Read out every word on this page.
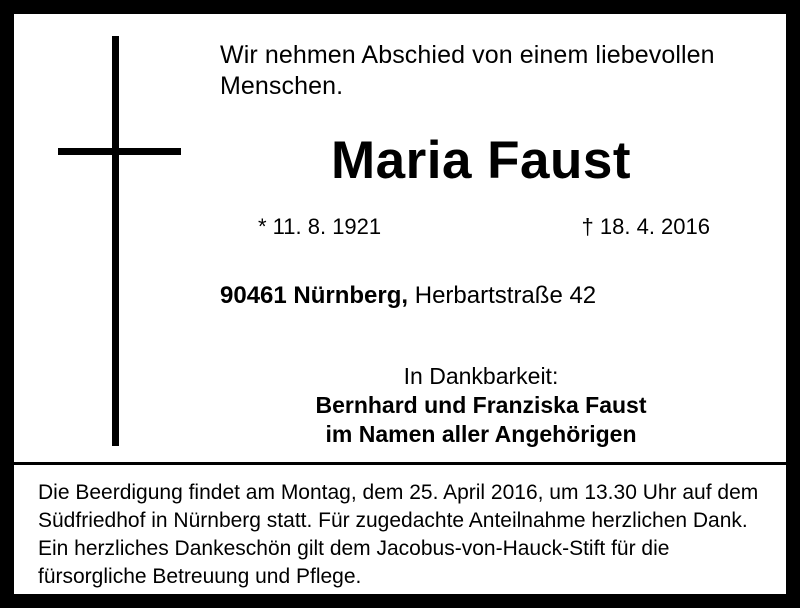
Wir nehmen Abschied von einem liebevollen Menschen.
Maria Faust
* 11. 8. 1921	† 18. 4. 2016
90461 Nürnberg, Herbartstraße 42
In Dankbarkeit:
Bernhard und Franziska Faust
im Namen aller Angehörigen
Die Beerdigung findet am Montag, dem 25. April 2016, um 13.30 Uhr auf dem Südfriedhof in Nürnberg statt. Für zugedachte Anteilnahme herzlichen Dank. Ein herzliches Dankeschön gilt dem Jacobus-von-Hauck-Stift für die fürsorgliche Betreuung und Pflege.
